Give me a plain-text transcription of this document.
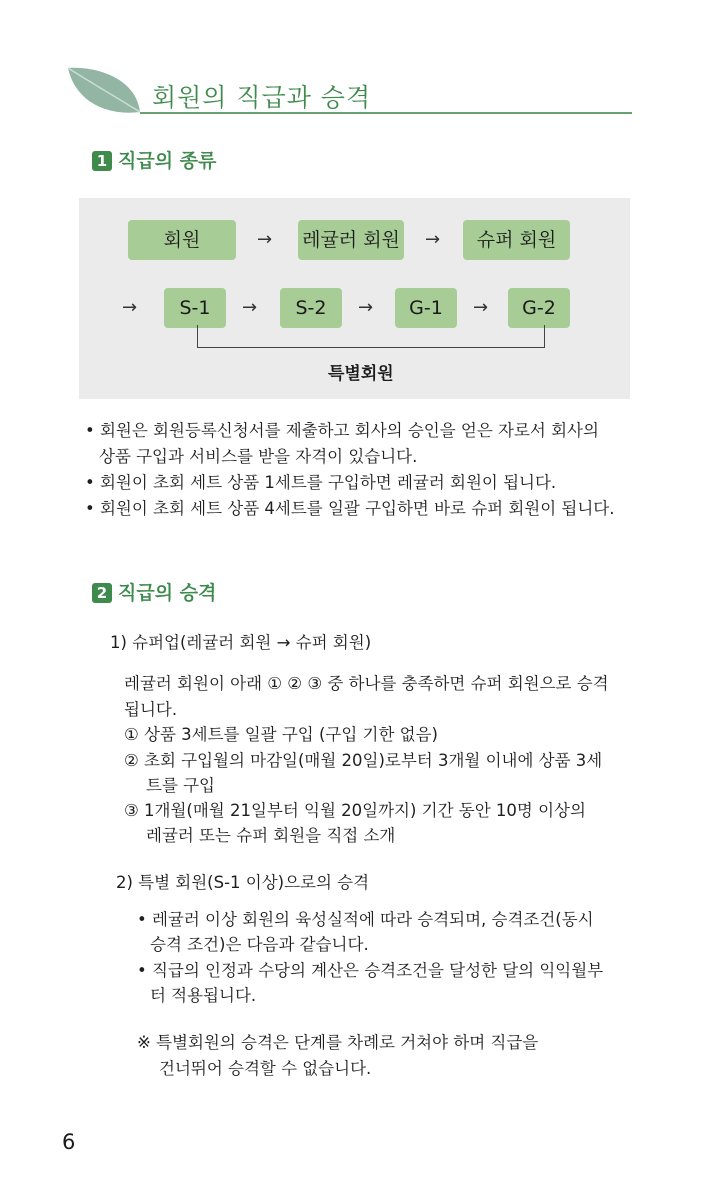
회원의 직급과 승격
1 직급의 종류
회원	→ 레귤러 회원 →	슈퍼 회원
→	S-1	→	S-2	→	G-1	→	G-2
특별회원
• 회원은 회원등록신청서를 제출하고 회사의 승인을 얻은 자로서 회사의
상품 구입과 서비스를 받을 자격이 있습니다.
• 회원이 초회 세트 상품 1세트를 구입하면 레귤러 회원이 됩니다.
• 회원이 초회 세트 상품 4세트를 일괄 구입하면 바로 슈퍼 회원이 됩니다.
2 직급의 승격
1) 슈퍼업(레귤러 회원 → 슈퍼 회원)
레귤러 회원이 아래 ① ② ③ 중 하나를 충족하면 슈퍼 회원으로 승격
됩니다.
① 상품 3세트를 일괄 구입 (구입 기한 없음)
② 초회 구입월의 마감일(매월 20일)로부터 3개월 이내에 상품 3세
트를 구입
③ 1개월(매월 21일부터 익월 20일까지) 기간 동안 10명 이상의
레귤러 또는 슈퍼 회원을 직접 소개
2) 특별 회원(S-1 이상)으로의 승격
• 레귤러 이상 회원의 육성실적에 따라 승격되며, 승격조건(동시
승격 조건)은 다음과 같습니다.
• 직급의 인정과 수당의 계산은 승격조건을 달성한 달의 익익월부
터 적용됩니다.
※ 특별회원의 승격은 단계를 차례로 거쳐야 하며 직급을
건너뛰어 승격할 수 없습니다.
6
